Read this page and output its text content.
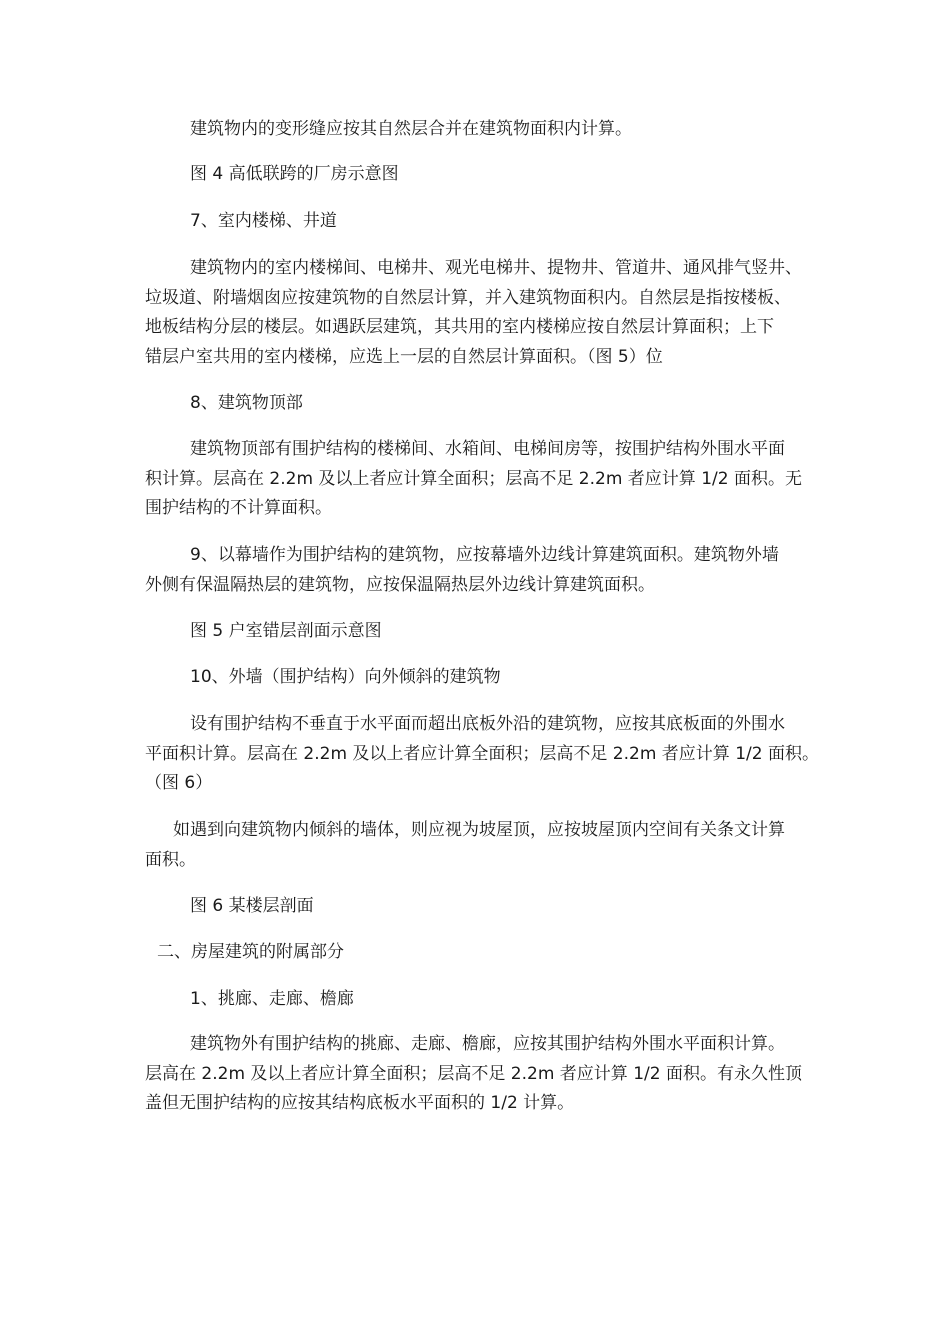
建筑物内的变形缝应按其自然层合并在建筑物面积内计算。

图 4 高低联跨的厂房示意图

7、室内楼梯、井道

建筑物内的室内楼梯间、电梯井、观光电梯井、提物井、管道井、通风排气竖井、
垃圾道、附墙烟囱应按建筑物的自然层计算，并入建筑物面积内。自然层是指按楼板、
地板结构分层的楼层。如遇跃层建筑，其共用的室内楼梯应按自然层计算面积；上下
错层户室共用的室内楼梯，应选上一层的自然层计算面积。（图 5）位

8、建筑物顶部

建筑物顶部有围护结构的楼梯间、水箱间、电梯间房等，按围护结构外围水平面
积计算。层高在 2.2m 及以上者应计算全面积；层高不足 2.2m 者应计算 1/2 面积。无
围护结构的不计算面积。

9、以幕墙作为围护结构的建筑物，应按幕墙外边线计算建筑面积。建筑物外墙
外侧有保温隔热层的建筑物，应按保温隔热层外边线计算建筑面积。

图 5 户室错层剖面示意图

10、外墙（围护结构）向外倾斜的建筑物

设有围护结构不垂直于水平面而超出底板外沿的建筑物，应按其底板面的外围水
平面积计算。层高在 2.2m 及以上者应计算全面积；层高不足 2.2m 者应计算 1/2 面积。
（图 6）

如遇到向建筑物内倾斜的墙体，则应视为坡屋顶，应按坡屋顶内空间有关条文计算
面积。

图 6 某楼层剖面

二、房屋建筑的附属部分

1、挑廊、走廊、檐廊

建筑物外有围护结构的挑廊、走廊、檐廊，应按其围护结构外围水平面积计算。
层高在 2.2m 及以上者应计算全面积；层高不足 2.2m 者应计算 1/2 面积。有永久性顶
盖但无围护结构的应按其结构底板水平面积的 1/2 计算。
